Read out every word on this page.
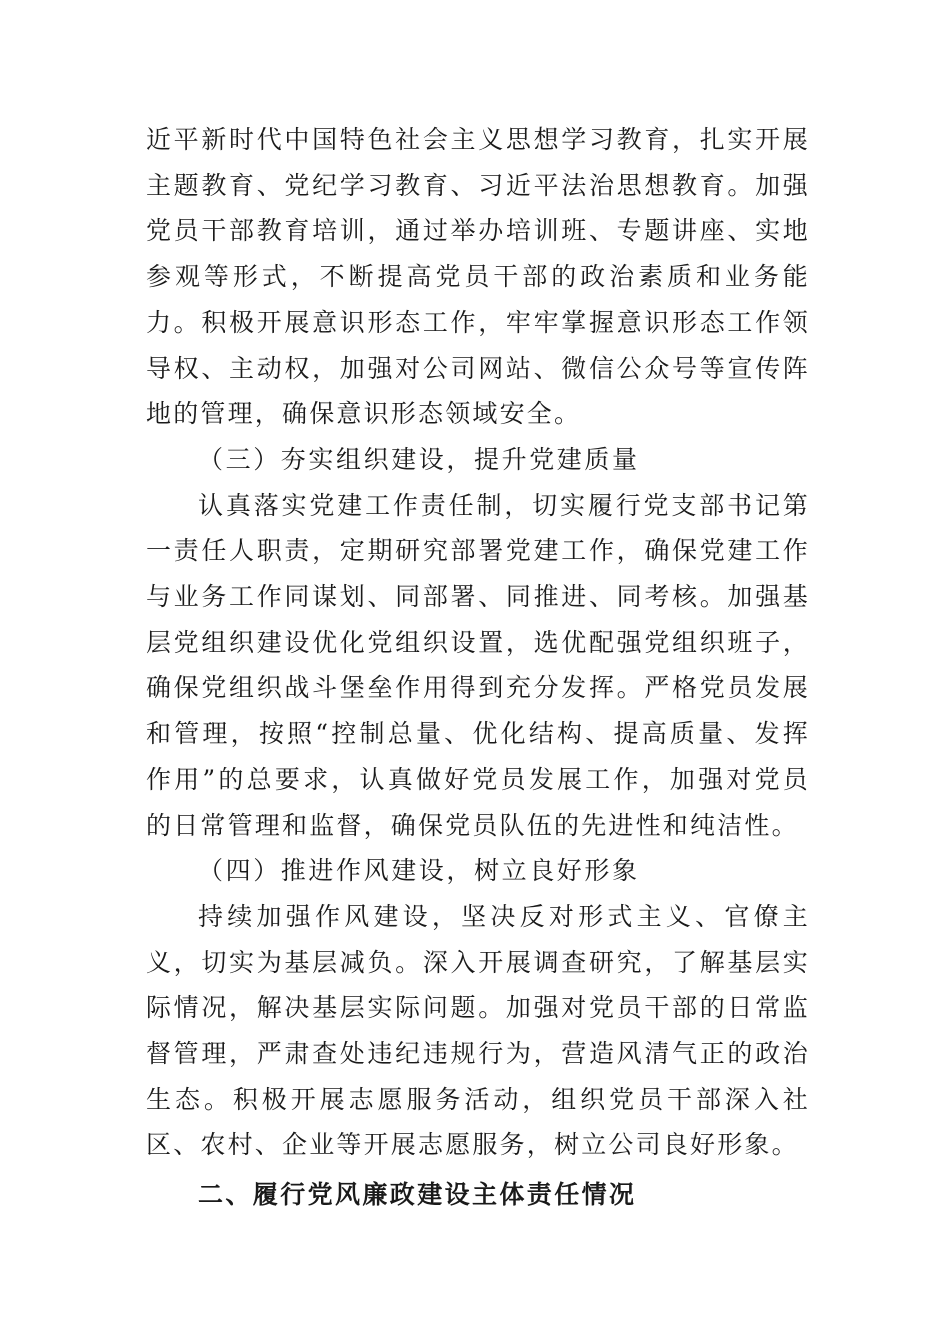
近平新时代中国特色社会主义思想学习教育，扎实开展主题教育、党纪学习教育、习近平法治思想教育。加强党员干部教育培训，通过举办培训班、专题讲座、实地参观等形式，不断提高党员干部的政治素质和业务能力。积极开展意识形态工作，牢牢掌握意识形态工作领导权、主动权，加强对公司网站、微信公众号等宣传阵地的管理，确保意识形态领域安全。

（三）夯实组织建设，提升党建质量

认真落实党建工作责任制，切实履行党支部书记第一责任人职责，定期研究部署党建工作，确保党建工作与业务工作同谋划、同部署、同推进、同考核。加强基层党组织建设优化党组织设置，选优配强党组织班子，确保党组织战斗堡垒作用得到充分发挥。严格党员发展和管理，按照“控制总量、优化结构、提高质量、发挥作用”的总要求，认真做好党员发展工作，加强对党员的日常管理和监督，确保党员队伍的先进性和纯洁性。

（四）推进作风建设，树立良好形象

持续加强作风建设，坚决反对形式主义、官僚主义，切实为基层减负。深入开展调查研究，了解基层实际情况，解决基层实际问题。加强对党员干部的日常监督管理，严肃查处违纪违规行为，营造风清气正的政治生态。积极开展志愿服务活动，组织党员干部深入社区、农村、企业等开展志愿服务，树立公司良好形象。

二、履行党风廉政建设主体责任情况
